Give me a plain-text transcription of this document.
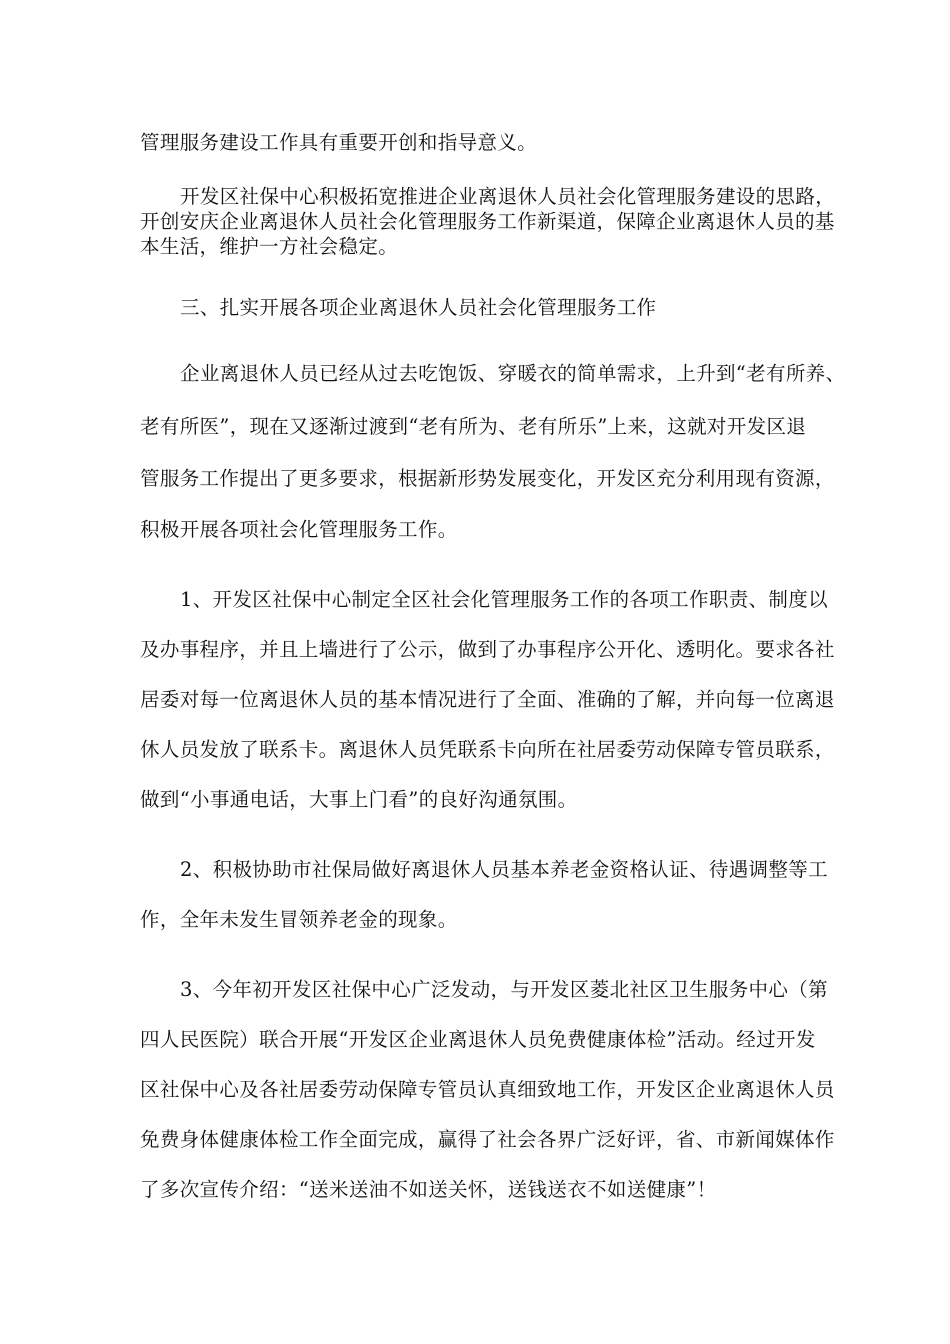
管理服务建设工作具有重要开创和指导意义。
开发区社保中心积极拓宽推进企业离退休人员社会化管理服务建设的思路，
开创安庆企业离退休人员社会化管理服务工作新渠道，保障企业离退休人员的基
本生活，维护一方社会稳定。
三、扎实开展各项企业离退休人员社会化管理服务工作
企业离退休人员已经从过去吃饱饭、穿暖衣的简单需求，上升到“老有所养、
老有所医”，现在又逐渐过渡到“老有所为、老有所乐”上来，这就对开发区退
管服务工作提出了更多要求，根据新形势发展变化，开发区充分利用现有资源，
积极开展各项社会化管理服务工作。
1、开发区社保中心制定全区社会化管理服务工作的各项工作职责、制度以
及办事程序，并且上墙进行了公示，做到了办事程序公开化、透明化。要求各社
居委对每一位离退休人员的基本情况进行了全面、准确的了解，并向每一位离退
休人员发放了联系卡。离退休人员凭联系卡向所在社居委劳动保障专管员联系，
做到“小事通电话，大事上门看”的良好沟通氛围。
2、积极协助市社保局做好离退休人员基本养老金资格认证、待遇调整等工
作，全年未发生冒领养老金的现象。
3、今年初开发区社保中心广泛发动，与开发区菱北社区卫生服务中心（第
四人民医院）联合开展“开发区企业离退休人员免费健康体检”活动。经过开发
区社保中心及各社居委劳动保障专管员认真细致地工作，开发区企业离退休人员
免费身体健康体检工作全面完成，赢得了社会各界广泛好评，省、市新闻媒体作
了多次宣传介绍：“送米送油不如送关怀，送钱送衣不如送健康”！
